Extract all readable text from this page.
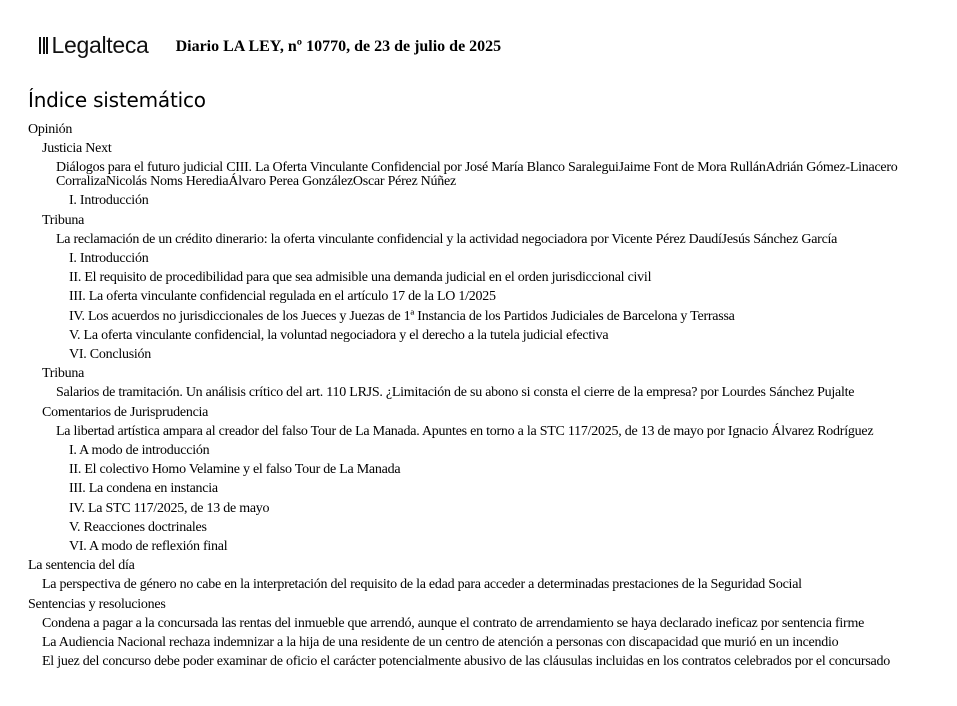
Legalteca Diario LA LEY, nº 10770, de 23 de julio de 2025
Índice sistemático
Opinión
Justicia Next
Diálogos para el futuro judicial CIII. La Oferta Vinculante Confidencial por José María Blanco SaraleguiJaime Font de Mora RullánAdrián Gómez-Linacero CorralizaNicolás Noms HerediaÁlvaro Perea GonzálezOscar Pérez Núñez
I. Introducción
Tribuna
La reclamación de un crédito dinerario: la oferta vinculante confidencial y la actividad negociadora por Vicente Pérez DaudíJesús Sánchez García
I. Introducción
II. El requisito de procedibilidad para que sea admisible una demanda judicial en el orden jurisdiccional civil
III. La oferta vinculante confidencial regulada en el artículo 17 de la LO 1/2025
IV. Los acuerdos no jurisdiccionales de los Jueces y Juezas de 1ª Instancia de los Partidos Judiciales de Barcelona y Terrassa
V. La oferta vinculante confidencial, la voluntad negociadora y el derecho a la tutela judicial efectiva
VI. Conclusión
Tribuna
Salarios de tramitación. Un análisis crítico del art. 110 LRJS. ¿Limitación de su abono si consta el cierre de la empresa? por Lourdes Sánchez Pujalte
Comentarios de Jurisprudencia
La libertad artística ampara al creador del falso Tour de La Manada. Apuntes en torno a la STC 117/2025, de 13 de mayo por Ignacio Álvarez Rodríguez
I. A modo de introducción
II. El colectivo Homo Velamine y el falso Tour de La Manada
III. La condena en instancia
IV. La STC 117/2025, de 13 de mayo
V. Reacciones doctrinales
VI. A modo de reflexión final
La sentencia del día
La perspectiva de género no cabe en la interpretación del requisito de la edad para acceder a determinadas prestaciones de la Seguridad Social
Sentencias y resoluciones
Condena a pagar a la concursada las rentas del inmueble que arrendó, aunque el contrato de arrendamiento se haya declarado ineficaz por sentencia firme
La Audiencia Nacional rechaza indemnizar a la hija de una residente de un centro de atención a personas con discapacidad que murió en un incendio
El juez del concurso debe poder examinar de oficio el carácter potencialmente abusivo de las cláusulas incluidas en los contratos celebrados por el concursado
